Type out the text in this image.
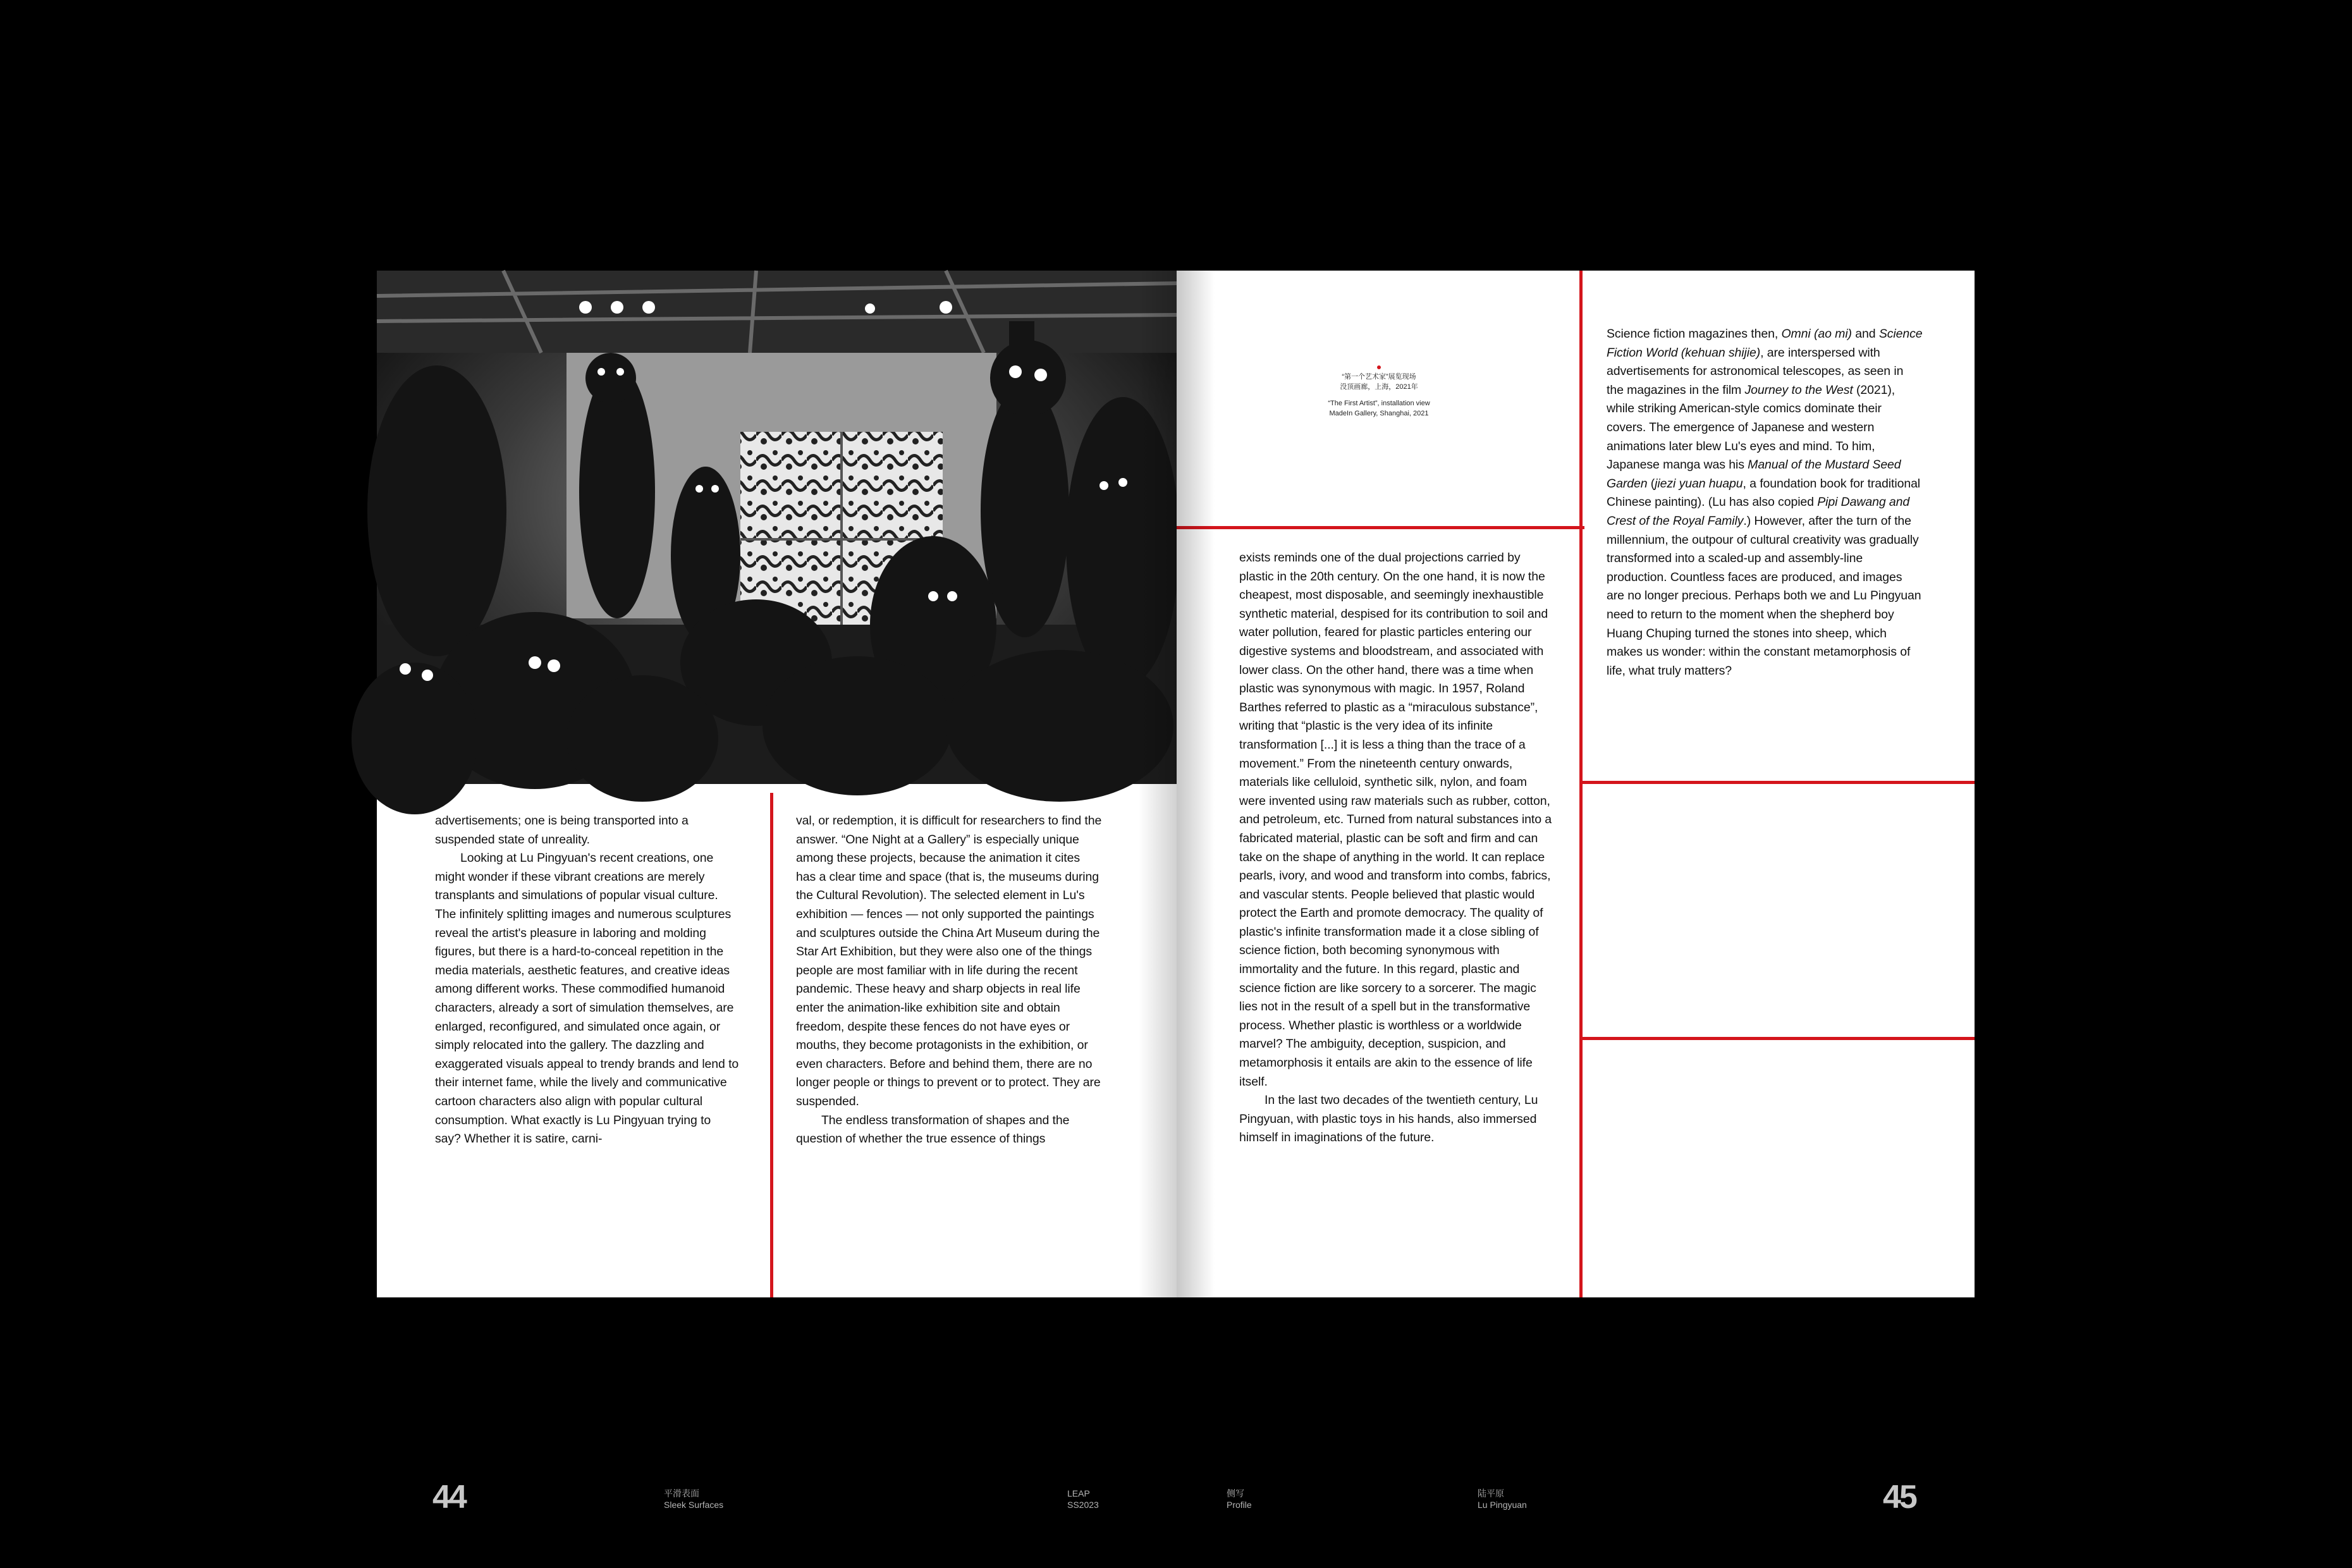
advertisements; one is being transported into a suspended state of unreality.

Looking at Lu Pingyuan's recent creations, one might wonder if these vibrant creations are merely transplants and simulations of popular visual culture. The infinitely splitting images and numerous sculptures reveal the artist's pleasure in laboring and molding figures, but there is a hard-to-conceal repetition in the media materials, aesthetic features, and creative ideas among different works. These commodified humanoid characters, already a sort of simulation themselves, are enlarged, reconfigured, and simulated once again, or simply relocated into the gallery. The dazzling and exaggerated visuals appeal to trendy brands and lend to their internet fame, while the lively and communicative cartoon characters also align with popular cultural consumption. What exactly is Lu Pingyuan trying to say? Whether it is satire, carni-

val, or redemption, it is difficult for researchers to find the answer. “One Night at a Gallery” is especially unique among these projects, because the animation it cites has a clear time and space (that is, the museums during the Cultural Revolution). The selected element in Lu's exhibition — fences — not only supported the paintings and sculptures outside the China Art Museum during the Star Art Exhibition, but they were also one of the things people are most familiar with in life during the recent pandemic. These heavy and sharp objects in real life enter the animation-like exhibition site and obtain freedom, despite these fences do not have eyes or mouths, they become protagonists in the exhibition, or even characters. Before and behind them, there are no longer people or things to prevent or to protect. They are suspended.

The endless transformation of shapes and the question of whether the true essence of things

44	平滑表面
Sleek Surfaces
LEAP
SS2023
“第一个艺术家”展览现场
没顶画廊，上海，2021年
“The First Artist”, installation view
MadeIn Gallery, Shanghai, 2021

exists reminds one of the dual projections carried by plastic in the 20th century. On the one hand, it is now the cheapest, most disposable, and seemingly inexhaustible synthetic material, despised for its contribution to soil and water pollution, feared for plastic particles entering our digestive systems and bloodstream, and associated with lower class. On the other hand, there was a time when plastic was synonymous with magic. In 1957, Roland Barthes referred to plastic as a “miraculous substance”, writing that “plastic is the very idea of its infinite transformation [...] it is less a thing than the trace of a movement.” From the nineteenth century onwards, materials like celluloid, synthetic silk, nylon, and foam were invented using raw materials such as rubber, cotton, and petroleum, etc. Turned from natural substances into a fabricated material, plastic can be soft and firm and can take on the shape of anything in the world. It can replace pearls, ivory, and wood and transform into combs, fabrics, and vascular stents. People believed that plastic would protect the Earth and promote democracy. The quality of plastic's infinite transformation made it a close sibling of science fiction, both becoming synonymous with immortality and the future. In this regard, plastic and science fiction are like sorcery to a sorcerer. The magic lies not in the result of a spell but in the transformative process. Whether plastic is worthless or a worldwide marvel? The ambiguity, deception, suspicion, and metamorphosis it entails are akin to the essence of life itself.

In the last two decades of the twentieth century, Lu Pingyuan, with plastic toys in his hands, also immersed himself in imaginations of the future.

Science fiction magazines then, Omni (ao mi) and Science Fiction World (kehuan shijie), are interspersed with advertisements for astronomical telescopes, as seen in the magazines in the film Journey to the West (2021), while striking American-style comics dominate their covers. The emergence of Japanese and western animations later blew Lu's eyes and mind. To him, Japanese manga was his Manual of the Mustard Seed Garden (jiezi yuan huapu, a foundation book for traditional Chinese painting). (Lu has also copied Pipi Dawang and Crest of the Royal Family.) However, after the turn of the millennium, the outpour of cultural creativity was gradually transformed into a scaled-up and assembly-line production. Countless faces are produced, and images are no longer precious. Perhaps both we and Lu Pingyuan need to return to the moment when the shepherd boy Huang Chuping turned the stones into sheep, which makes us wonder: within the constant metamorphosis of life, what truly matters?

45
侧写
Profile
陆平原
Lu Pingyuan
